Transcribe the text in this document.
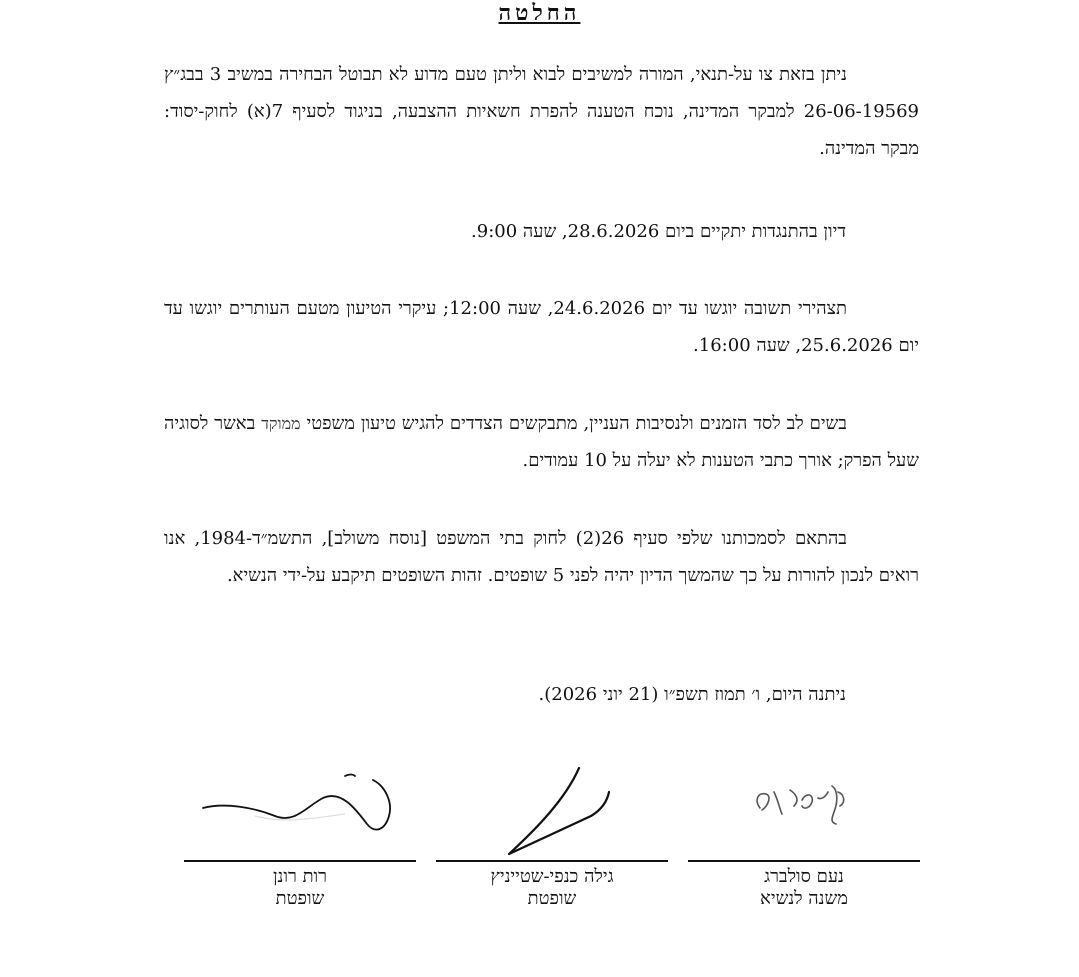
החלטה
ניתן בזאת צו על-תנאי, המורה למשיבים לבוא וליתן טעם מדוע לא תבוטל הבחירה במשיב 3 בבג״ץ 26-06-19569 למבקר המדינה, נוכח הטענה להפרת חשאיות ההצבעה, בניגוד לסעיף 7(א) לחוק-יסוד: מבקר המדינה.
דיון בהתנגדות יתקיים ביום 28.6.2026, שעה 9:00.
תצהירי תשובה יוגשו עד יום 24.6.2026, שעה 12:00; עיקרי הטיעון מטעם העותרים יוגשו עד יום 25.6.2026, שעה 16:00.
בשים לב לסד הזמנים ולנסיבות העניין, מתבקשים הצדדים להגיש טיעון משפטי ממוקד באשר לסוגיה שעל הפרק; אורך כתבי הטענות לא יעלה על 10 עמודים.
בהתאם לסמכותנו שלפי סעיף 26(2) לחוק בתי המשפט [נוסח משולב], התשמ״ד-1984, אנו רואים לנכון להורות על כך שהמשך הדיון יהיה לפני 5 שופטים. זהות השופטים תיקבע על-ידי הנשיא.
ניתנה היום, ו׳ תמוז תשפ״ו (21 יוני 2026).
נעם סולברג
משנה לנשיא
גילה כנפי-שטייניץ
שופטת
רות רונן
שופטת
